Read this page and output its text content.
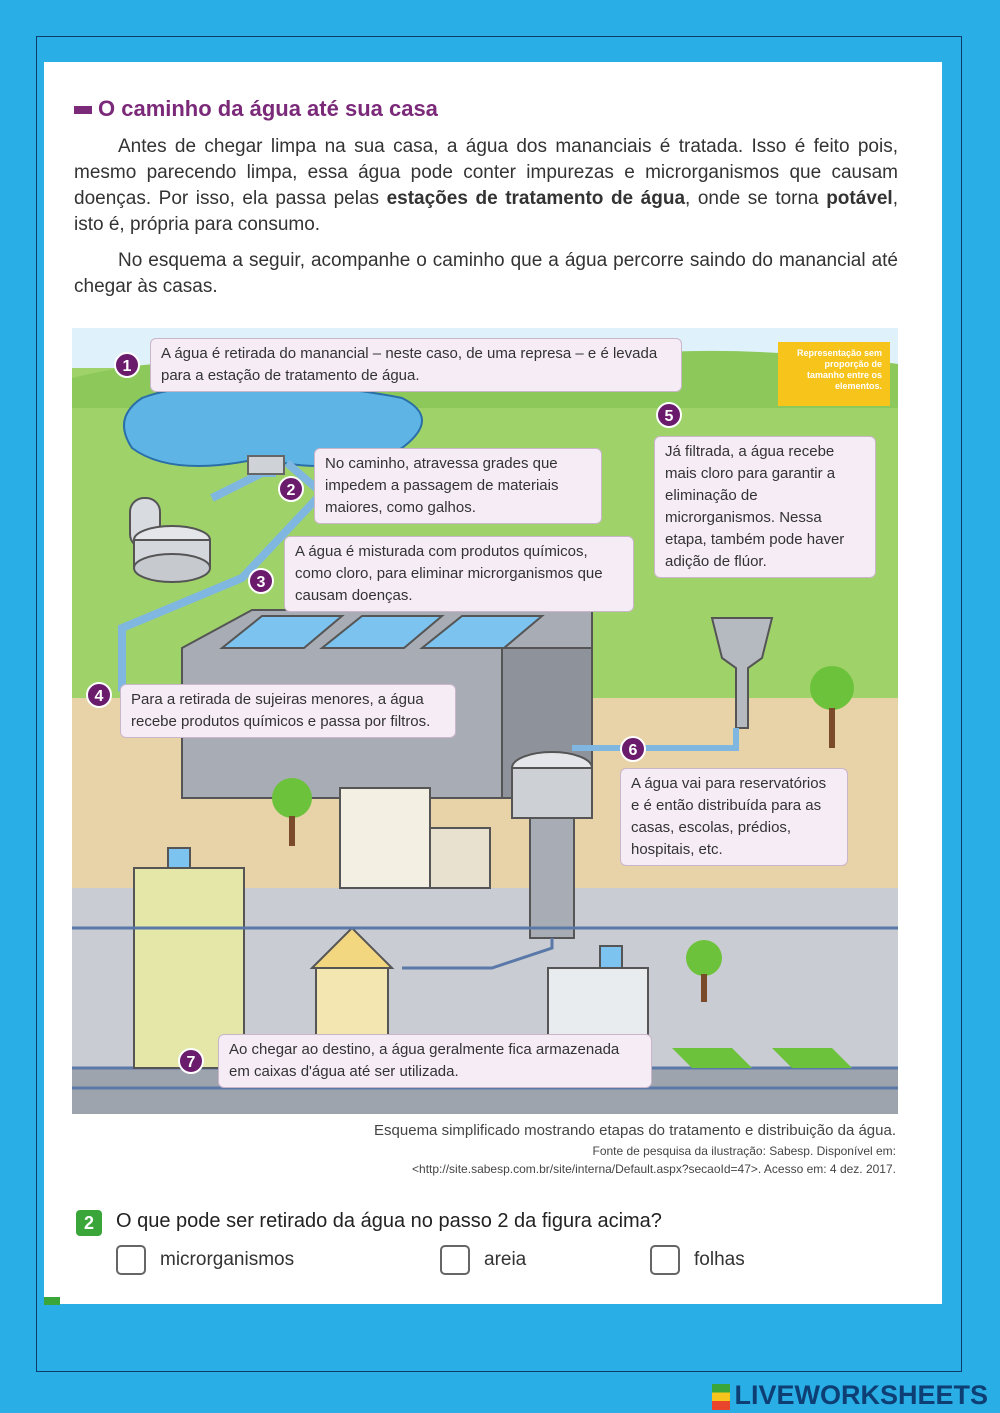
O caminho da água até sua casa
Antes de chegar limpa na sua casa, a água dos mananciais é tratada. Isso é feito pois, mesmo parecendo limpa, essa água pode conter impurezas e microrganismos que causam doenças. Por isso, ela passa pelas estações de tratamento de água, onde se torna potável, isto é, própria para consumo.
No esquema a seguir, acompanhe o caminho que a água percorre saindo do manancial até chegar às casas.
Representação sem proporção de tamanho entre os elementos.
1
A água é retirada do manancial – neste caso, de uma represa – e é levada para a estação de tratamento de água.
2
No caminho, atravessa grades que impedem a passagem de materiais maiores, como galhos.
3
A água é misturada com produtos químicos, como cloro, para eliminar microrganismos que causam doenças.
4	Para a retirada de sujeiras menores, a água recebe produtos químicos e passa por filtros.
5
Já filtrada, a água recebe mais cloro para garantir a eliminação de microrganismos. Nessa etapa, também pode haver adição de flúor.
6
A água vai para reservatórios e é então distribuída para as casas, escolas, prédios, hospitais, etc.
7
Ao chegar ao destino, a água geralmente fica armazenada em caixas d'água até ser utilizada.
Esquema simplificado mostrando etapas do tratamento e distribuição da água.
Fonte de pesquisa da ilustração: Sabesp. Disponível em:
<http://site.sabesp.com.br/site/interna/Default.aspx?secaoId=47>. Acesso em: 4 dez. 2017.
2	O que pode ser retirado da água no passo 2 da figura acima?
microrganismos	areia	folhas
LIVEWORKSHEETS
